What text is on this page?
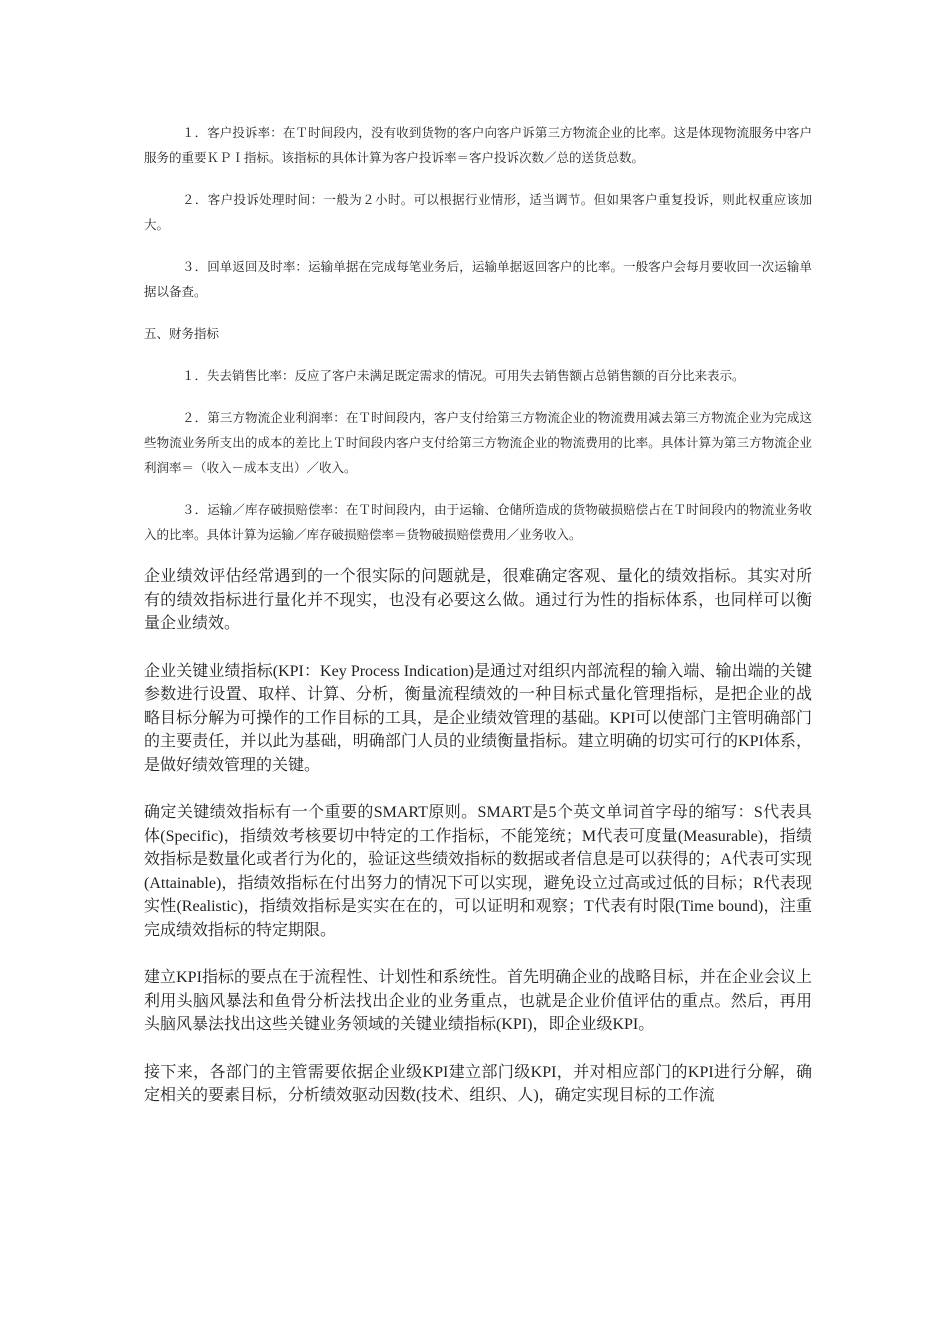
１．客户投诉率：在Ｔ时间段内，没有收到货物的客户向客户诉第三方物流企业的比率。这是体现物流服务中客户服务的重要ＫＰＩ指标。该指标的具体计算为客户投诉率＝客户投诉次数／总的送货总数。

２．客户投诉处理时间：一般为２小时。可以根据行业情形，适当调节。但如果客户重复投诉，则此权重应该加大。

３．回单返回及时率：运输单据在完成每笔业务后，运输单据返回客户的比率。一般客户会每月要收回一次运输单据以备查。

五、财务指标

１．失去销售比率：反应了客户未满足既定需求的情况。可用失去销售额占总销售额的百分比来表示。

２．第三方物流企业利润率：在Ｔ时间段内，客户支付给第三方物流企业的物流费用减去第三方物流企业为完成这些物流业务所支出的成本的差比上Ｔ时间段内客户支付给第三方物流企业的物流费用的比率。具体计算为第三方物流企业利润率＝（收入－成本支出）／收入。

３．运输／库存破损赔偿率：在Ｔ时间段内，由于运输、仓储所造成的货物破损赔偿占在Ｔ时间段内的物流业务收入的比率。具体计算为运输／库存破损赔偿率＝货物破损赔偿费用／业务收入。

企业绩效评估经常遇到的一个很实际的问题就是，很难确定客观、量化的绩效指标。其实对所有的绩效指标进行量化并不现实，也没有必要这么做。通过行为性的指标体系，也同样可以衡量企业绩效。

企业关键业绩指标(KPI：Key Process Indication)是通过对组织内部流程的输入端、输出端的关键参数进行设置、取样、计算、分析，衡量流程绩效的一种目标式量化管理指标，是把企业的战略目标分解为可操作的工作目标的工具，是企业绩效管理的基础。KPI可以使部门主管明确部门的主要责任，并以此为基础，明确部门人员的业绩衡量指标。建立明确的切实可行的KPI体系，是做好绩效管理的关键。

确定关键绩效指标有一个重要的SMART原则。SMART是5个英文单词首字母的缩写：S代表具体(Specific)，指绩效考核要切中特定的工作指标，不能笼统；M代表可度量(Measurable)，指绩效指标是数量化或者行为化的，验证这些绩效指标的数据或者信息是可以获得的；A代表可实现(Attainable)，指绩效指标在付出努力的情况下可以实现，避免设立过高或过低的目标；R代表现实性(Realistic)，指绩效指标是实实在在的，可以证明和观察；T代表有时限(Time bound)，注重完成绩效指标的特定期限。

建立KPI指标的要点在于流程性、计划性和系统性。首先明确企业的战略目标，并在企业会议上利用头脑风暴法和鱼骨分析法找出企业的业务重点，也就是企业价值评估的重点。然后，再用头脑风暴法找出这些关键业务领域的关键业绩指标(KPI)，即企业级KPI。

接下来，各部门的主管需要依据企业级KPI建立部门级KPI，并对相应部门的KPI进行分解，确定相关的要素目标，分析绩效驱动因数(技术、组织、人)，确定实现目标的工作流
